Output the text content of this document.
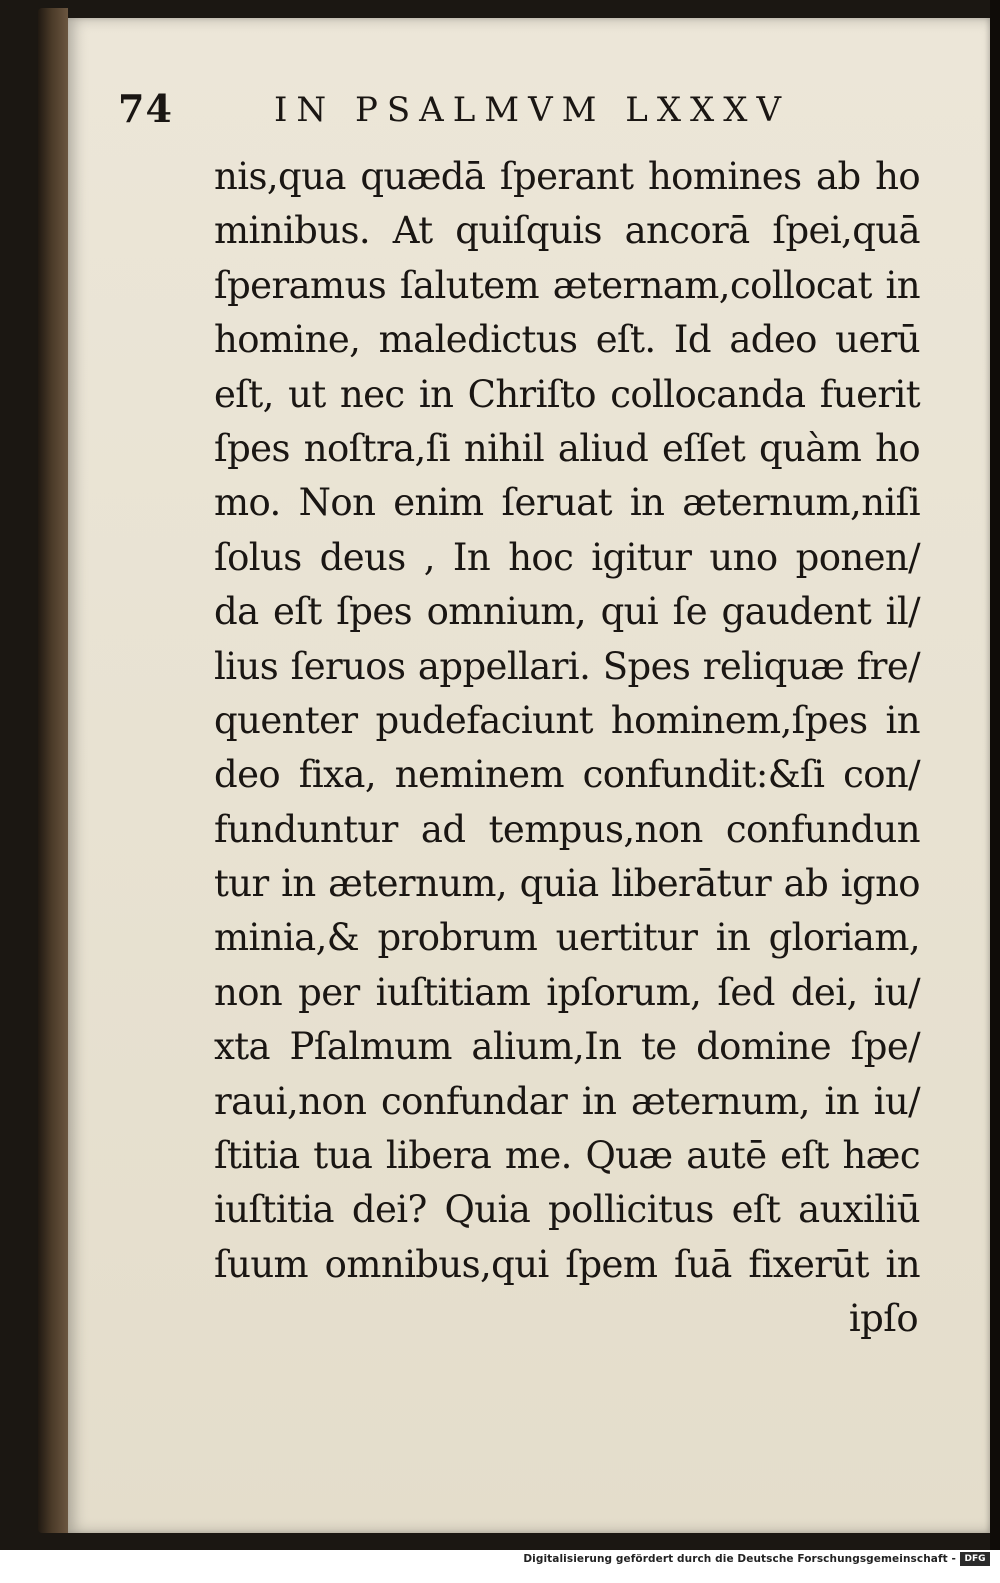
74	IN PSALMVM LXXXV
nis,qua quædā ſperant homines ab ho
minibus. At quiſquis ancorā ſpei,quā
ſperamus ſalutem æternam,collocat in
homine, maledictus eſt. Id adeo uerū
eſt, ut nec in Chriſto collocanda fuerit
ſpes noſtra,ſi nihil aliud eſſet quàm ho
mo. Non enim ſeruat in æternum,niſi
ſolus deus , In hoc igitur uno ponen/
da eſt ſpes omnium, qui ſe gaudent il/
lius ſeruos appellari. Spes reliquæ fre/
quenter pudefaciunt hominem,ſpes in
deo fixa, neminem confundit:&ſi con/
funduntur ad tempus,non confundun
tur in æternum, quia liberātur ab igno
minia,& probrum uertitur in gloriam,
non per iuſtitiam ipſorum, ſed dei, iu/
xta Pſalmum alium,In te domine ſpe/
raui,non confundar in æternum, in iu/
ſtitia tua libera me. Quæ autē eſt hæc
iuſtitia dei? Quia pollicitus eſt auxiliū
ſuum omnibus,qui ſpem ſuā fixerūt in
ipſo
Digitalisierung gefördert durch die Deutsche Forschungsgemeinschaft - DFG
